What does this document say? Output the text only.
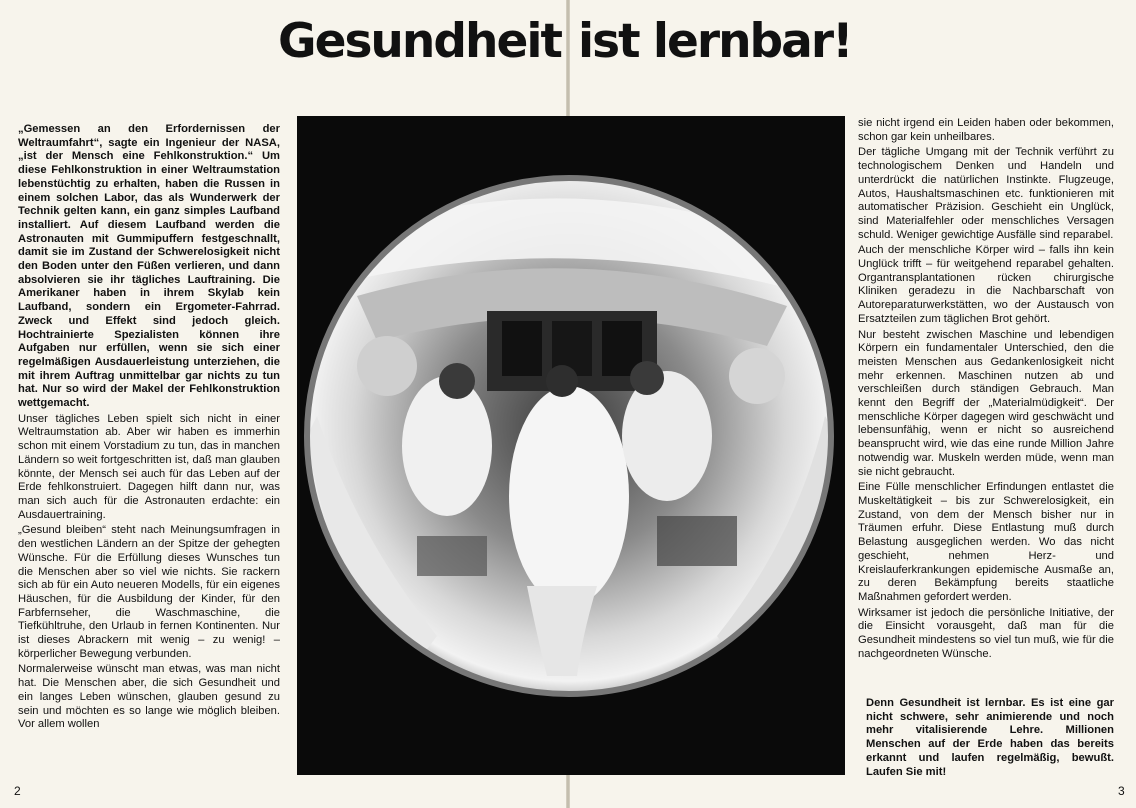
Gesundheit ist lernbar!

„Gemessen an den Erfordernissen der Weltraumfahrt“, sagte ein Ingenieur der NASA, „ist der Mensch eine Fehlkonstruktion.“ Um diese Fehlkonstruktion in einer Weltraumstation lebenstüchtig zu erhalten, haben die Russen in einem solchen Labor, das als Wunderwerk der Technik gelten kann, ein ganz simples Laufband installiert. Auf diesem Laufband werden die Astronauten mit Gummipuffern festgeschnallt, damit sie im Zustand der Schwerelosigkeit nicht den Boden unter den Füßen verlieren, und dann absolvieren sie ihr tägliches Lauftraining. Die Amerikaner haben in ihrem Skylab kein Laufband, sondern ein Ergometer-Fahrrad. Zweck und Effekt sind jedoch gleich. Hochtrainierte Spezialisten können ihre Aufgaben nur erfüllen, wenn sie sich einer regelmäßigen Ausdauerleistung unterziehen, die mit ihrem Auftrag unmittelbar gar nichts zu tun hat. Nur so wird der Makel der Fehlkonstruktion wettgemacht.

Unser tägliches Leben spielt sich nicht in einer Weltraumstation ab. Aber wir haben es immerhin schon mit einem Vorstadium zu tun, das in manchen Ländern so weit fortgeschritten ist, daß man glauben könnte, der Mensch sei auch für das Leben auf der Erde fehlkonstruiert. Dagegen hilft dann nur, was man sich auch für die Astronauten erdachte: ein Ausdauertraining.

„Gesund bleiben“ steht nach Meinungsumfragen in den westlichen Ländern an der Spitze der gehegten Wünsche. Für die Erfüllung dieses Wunsches tun die Menschen aber so viel wie nichts. Sie rackern sich ab für ein Auto neueren Modells, für ein eigenes Häuschen, für die Ausbildung der Kinder, für den Farbfernseher, die Waschmaschine, die Tiefkühltruhe, den Urlaub in fernen Kontinenten. Nur ist dieses Abrackern mit wenig – zu wenig! – körperlicher Bewegung verbunden.

Normalerweise wünscht man etwas, was man nicht hat. Die Menschen aber, die sich Gesundheit und ein langes Leben wünschen, glauben gesund zu sein und möchten es so lange wie möglich bleiben. Vor allem wollen

sie nicht irgend ein Leiden haben oder bekommen, schon gar kein unheilbares.

Der tägliche Umgang mit der Technik verführt zu technologischem Denken und Handeln und unterdrückt die natürlichen Instinkte. Flugzeuge, Autos, Haushaltsmaschinen etc. funktionieren mit automatischer Präzision. Geschieht ein Unglück, sind Materialfehler oder menschliches Versagen schuld. Weniger gewichtige Ausfälle sind reparabel.

Auch der menschliche Körper wird – falls ihn kein Unglück trifft – für weitgehend reparabel gehalten. Organtransplantationen rücken chirurgische Kliniken geradezu in die Nachbarschaft von Autoreparaturwerkstätten, wo der Austausch von Ersatzteilen zum täglichen Brot gehört.

Nur besteht zwischen Maschine und lebendigen Körpern ein fundamentaler Unterschied, den die meisten Menschen aus Gedankenlosigkeit nicht mehr erkennen. Maschinen nutzen ab und verschleißen durch ständigen Gebrauch. Man kennt den Begriff der „Materialmüdigkeit“. Der menschliche Körper dagegen wird geschwächt und lebensunfähig, wenn er nicht so ausreichend beansprucht wird, wie das eine runde Million Jahre notwendig war. Muskeln werden müde, wenn man sie nicht gebraucht.

Eine Fülle menschlicher Erfindungen entlastet die Muskeltätigkeit – bis zur Schwerelosigkeit, ein Zustand, von dem der Mensch bisher nur in Träumen erfuhr. Diese Entlastung muß durch Belastung ausgeglichen werden. Wo das nicht geschieht, nehmen Herz- und Kreislauferkrankungen epidemische Ausmaße an, zu deren Bekämpfung bereits staatliche Maßnahmen gefordert werden.

Wirksamer ist jedoch die persönliche Initiative, der die Einsicht vorausgeht, daß man für die Gesundheit mindestens so viel tun muß, wie für die nachgeordneten Wünsche.

Denn Gesundheit ist lernbar. Es ist eine gar nicht schwere, sehr animierende und noch mehr vitalisierende Lehre. Millionen Menschen auf der Erde haben das bereits erkannt und laufen regelmäßig, bewußt. Laufen Sie mit!
2	3
